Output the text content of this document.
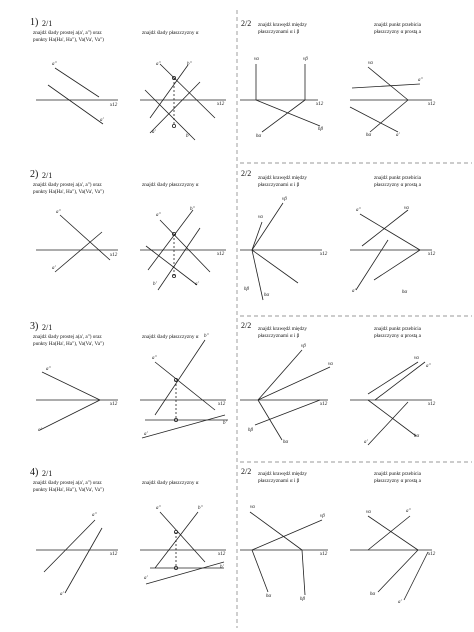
1) 2/1
znajdź ślady prostej a(a', a") oraz
punkty Ha(Ha', Ha"), Va(Va', Va")
znajdź ślady płaszczyzny α
2/2 znajdź krawędź między
płaszczyznami α i β
znajdź punkt przebicia
płaszczyzny α prostą a
a"
a'
x12
a"	b"
a'
b'
x12
vα	vβ
hα
hβ
x12
vα
a"
hα	a'
x12
2) 2/1
znajdź ślady prostej a(a', a") oraz
punkty Ha(Ha', Ha"), Va(Va', Va")
znajdź ślady płaszczyzny α
2/2 znajdź krawędź między
płaszczyznami α i β
znajdź punkt przebicia
płaszczyzny α prostą a
a"
a'
x12
a"
b"
b'	a'
x12
vβ
vα
hβ
hα
x12
a"	vα
a'	hα
x12
3) 2/1
znajdź ślady prostej a(a', a") oraz
punkty Ha(Ha', Ha"), Va(Va', Va")
znajdź ślady płaszczyzny α
2/2 znajdź krawędź między
płaszczyznami α i β
znajdź punkt przebicia
płaszczyzny α prostą a
a"
a'
x12
a"
b"
a'
b'
x12
vβ
vα
hβ
hα
x12
vα
a"
a'
hα
x12
4) 2/1
znajdź ślady prostej a(a', a") oraz
punkty Ha(Ha', Ha"), Va(Va', Va")
znajdź ślady płaszczyzny α
2/2 znajdź krawędź między
płaszczyznami α i β
znajdź punkt przebicia
płaszczyzny α prostą a
a"
a'
x12
a"	b"
a'
b'
x12
vα
vβ
hα
hβ
x12
vα	a"
hα
a'
x12
